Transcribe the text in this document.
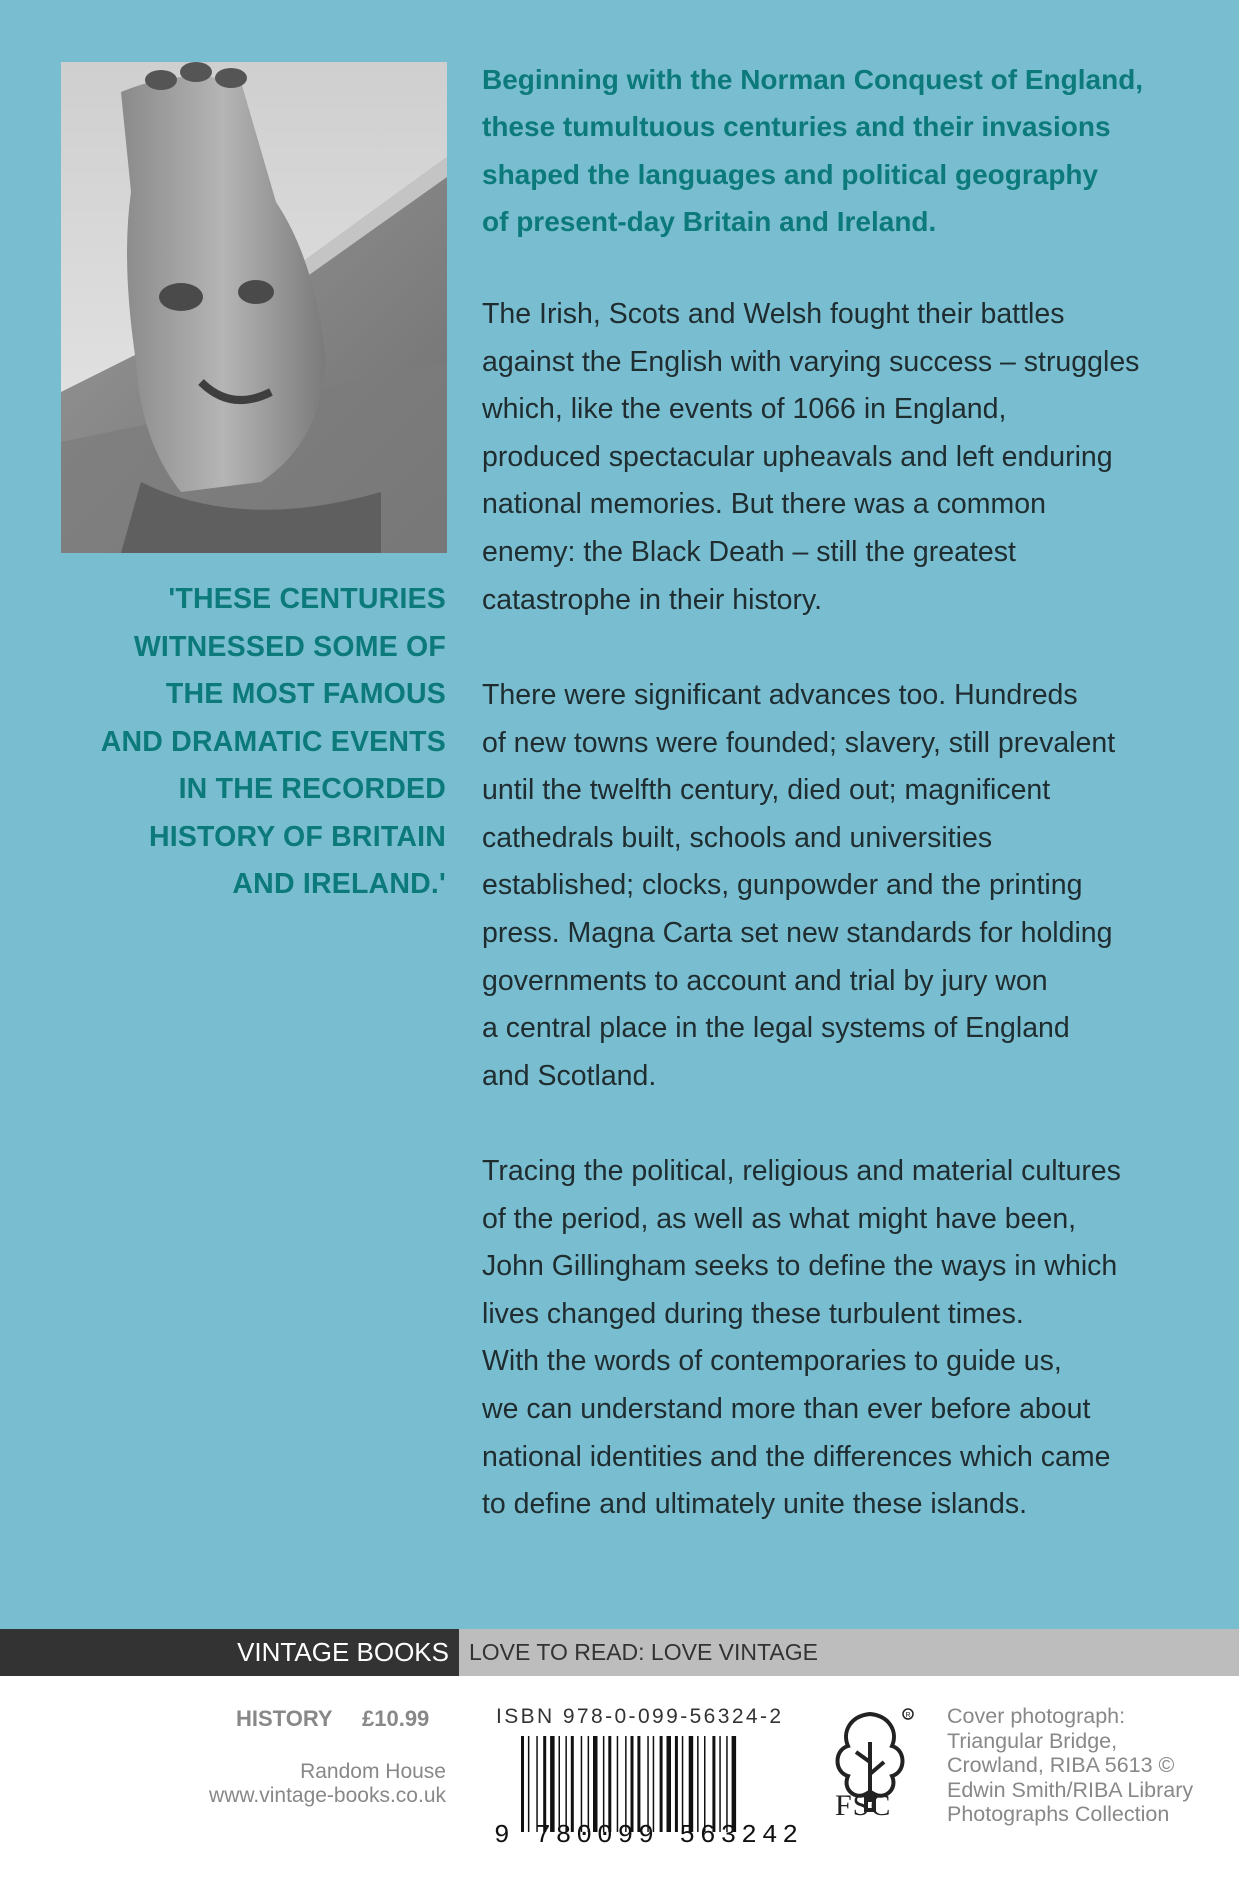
'THESE CENTURIES
WITNESSED SOME OF
THE MOST FAMOUS
AND DRAMATIC EVENTS
IN THE RECORDED
HISTORY OF BRITAIN
AND IRELAND.'
Beginning with the Norman Conquest of England,
these tumultuous centuries and their invasions
shaped the languages and political geography
of present-day Britain and Ireland.
The Irish, Scots and Welsh fought their battles
against the English with varying success – struggles
which, like the events of 1066 in England,
produced spectacular upheavals and left enduring
national memories. But there was a common
enemy: the Black Death – still the greatest
catastrophe in their history.
There were significant advances too. Hundreds
of new towns were founded; slavery, still prevalent
until the twelfth century, died out; magnificent
cathedrals built, schools and universities
established; clocks, gunpowder and the printing
press. Magna Carta set new standards for holding
governments to account and trial by jury won
a central place in the legal systems of England
and Scotland.
Tracing the political, religious and material cultures
of the period, as well as what might have been,
John Gillingham seeks to define the ways in which
lives changed during these turbulent times.
With the words of contemporaries to guide us,
we can understand more than ever before about
national identities and the differences which came
to define and ultimately unite these islands.
VINTAGE BOOKS LOVE TO READ: LOVE VINTAGE
HISTORY £10.99
Random House
www.vintage-books.co.uk
ISBN 978-0-099-56324-2
9 780099 563242
R
FSC
Cover photograph:
Triangular Bridge,
Crowland, RIBA 5613 ©
Edwin Smith/RIBA Library
Photographs Collection
